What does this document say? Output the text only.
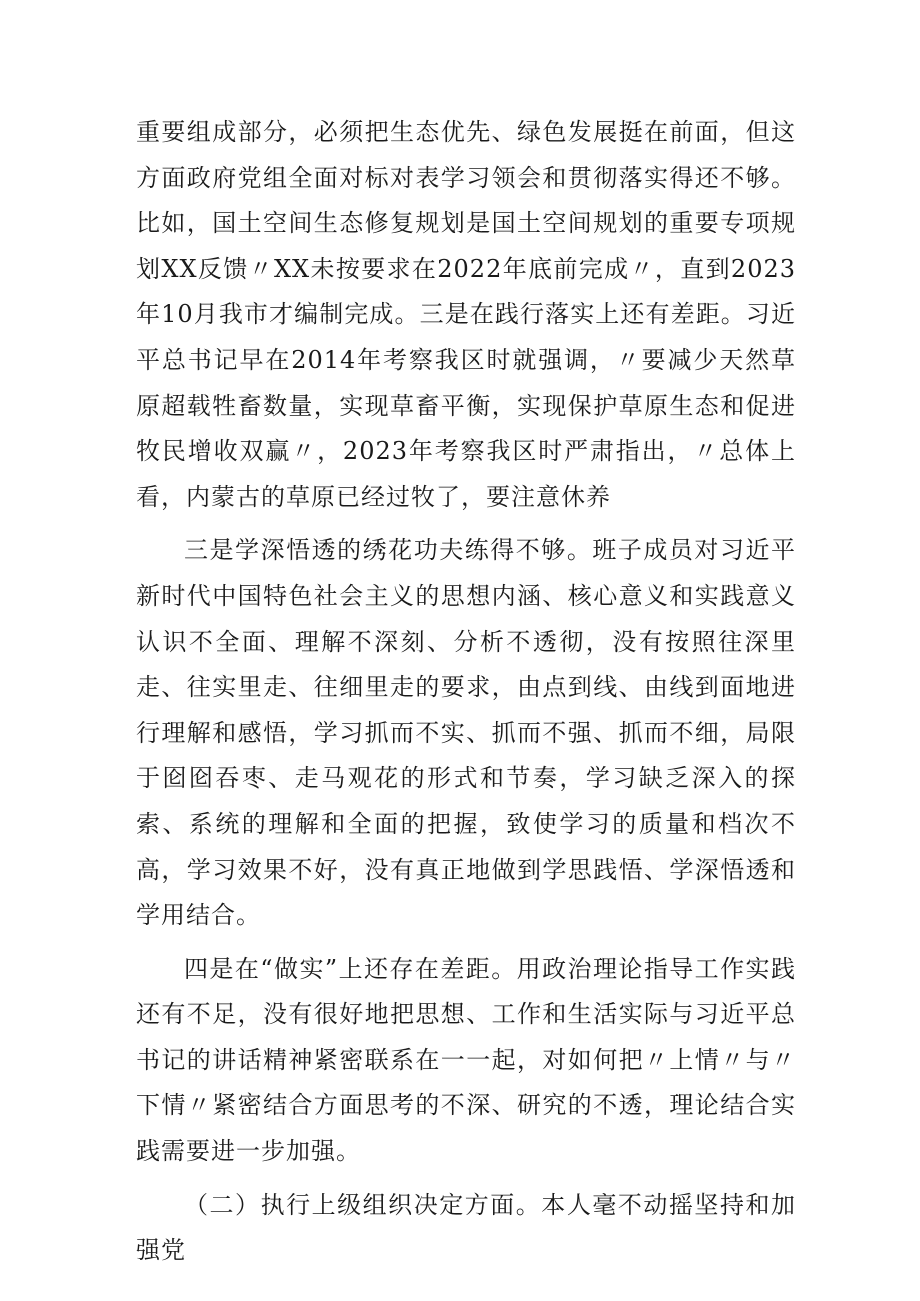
重要组成部分，必须把生态优先、绿色发展挺在前面，但这方面政府党组全面对标对表学习领会和贯彻落实得还不够。比如，国土空间生态修复规划是国土空间规划的重要专项规划XX反馈〃XX未按要求在2022年底前完成〃，直到2023年10月我市才编制完成。三是在践行落实上还有差距。习近平总书记早在2014年考察我区时就强调，〃要减少天然草原超载牲畜数量，实现草畜平衡，实现保护草原生态和促进牧民增收双赢〃，2023年考察我区时严肃指出，〃总体上看，内蒙古的草原已经过牧了，要注意休养

三是学深悟透的绣花功夫练得不够。班子成员对习近平新时代中国特色社会主义的思想内涵、核心意义和实践意义认识不全面、理解不深刻、分析不透彻，没有按照往深里走、往实里走、往细里走的要求，由点到线、由线到面地进行理解和感悟，学习抓而不实、抓而不强、抓而不细，局限于囵囵吞枣、走马观花的形式和节奏，学习缺乏深入的探索、系统的理解和全面的把握，致使学习的质量和档次不高，学习效果不好，没有真正地做到学思践悟、学深悟透和学用结合。

四是在“做实”上还存在差距。用政治理论指导工作实践还有不足，没有很好地把思想、工作和生活实际与习近平总书记的讲话精神紧密联系在一一起，对如何把〃上情〃与〃下情〃紧密结合方面思考的不深、研究的不透，理论结合实践需要进一步加强。

（二）执行上级组织决定方面。本人毫不动摇坚持和加强党
